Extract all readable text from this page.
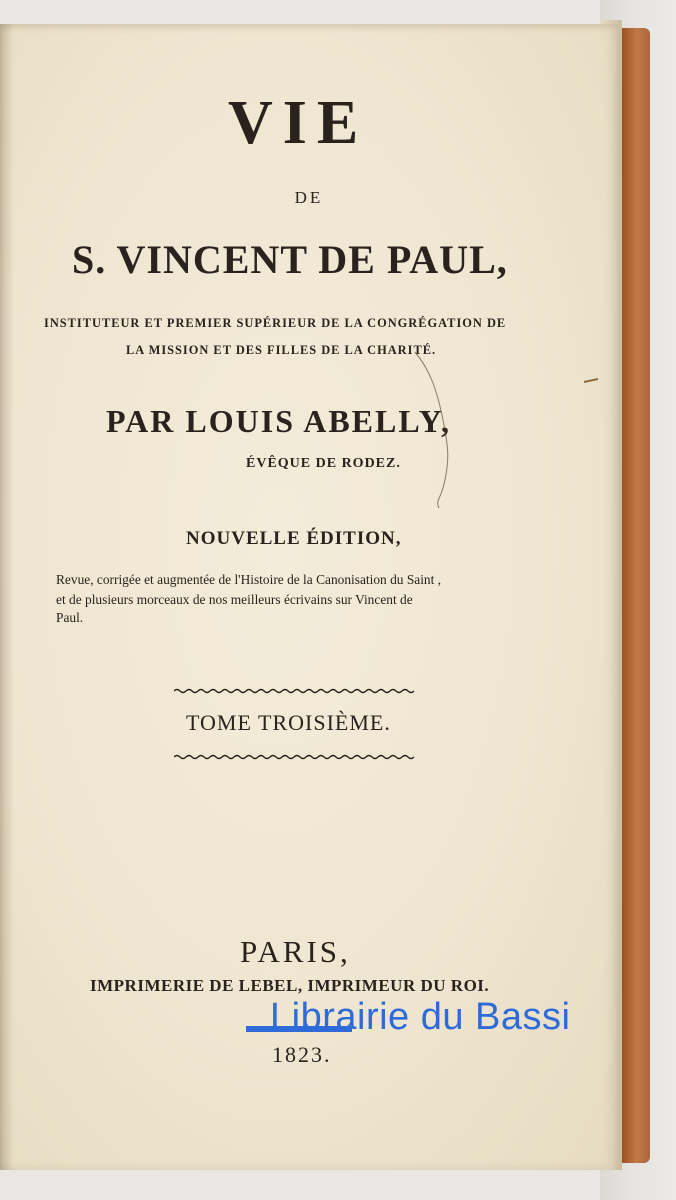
VIE
DE
S. VINCENT DE PAUL,
INSTITUTEUR ET PREMIER SUPÉRIEUR DE LA CONGRÉGATION DE
LA MISSION ET DES FILLES DE LA CHARITÉ.
PAR LOUIS ABELLY,
ÉVÊQUE DE RODEZ.
NOUVELLE ÉDITION,
Revue, corrigée et augmentée de l'Histoire de la Canonisation du Saint ,
et de plusieurs morceaux de nos meilleurs écrivains sur Vincent de
Paul.
TOME TROISIÈME.
PARIS,
IMPRIMERIE DE LEBEL, IMPRIMEUR DU ROI.
1823.
Librairie du Bassi
